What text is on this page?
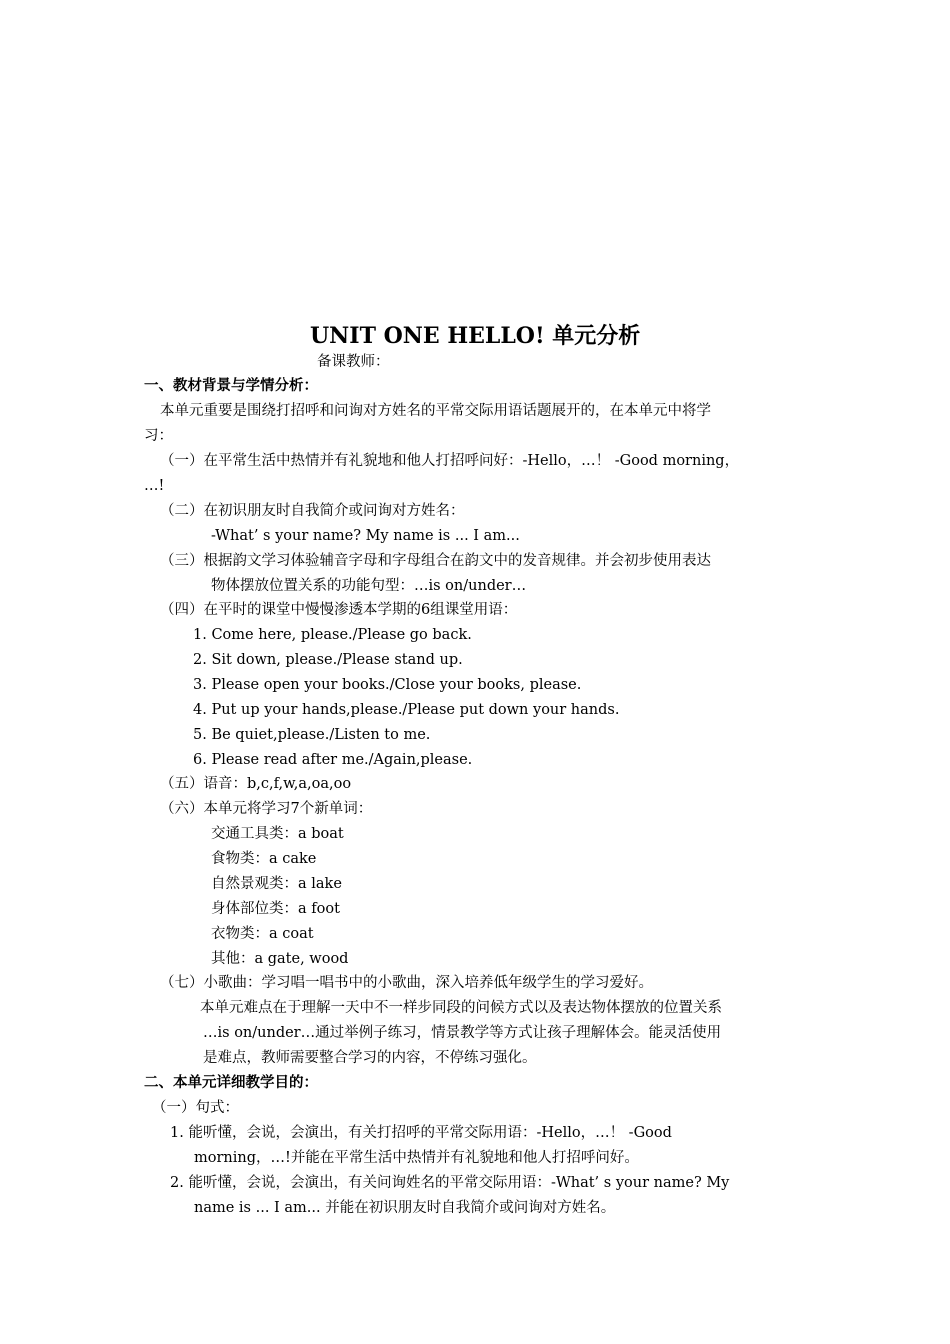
UNIT ONE HELLO! 单元分析
备课教师：
一、教材背景与学情分析：
本单元重要是围绕打招呼和问询对方姓名的平常交际用语话题展开的，在本单元中将学
习：
（一）在平常生活中热情并有礼貌地和他人打招呼问好：-Hello，…！ -Good morning，
…!
（二）在初识朋友时自我简介或问询对方姓名：
-What’ s your name? My name is ... I am...
（三）根据韵文学习体验辅音字母和字母组合在韵文中的发音规律。并会初步使用表达
物体摆放位置关系的功能句型：…is on/under…
（四）在平时的课堂中慢慢渗透本学期的6组课堂用语：
1. Come here, please./Please go back.
2. Sit down, please./Please stand up.
3. Please open your books./Close your books, please.
4. Put up your hands,please./Please put down your hands.
5. Be quiet,please./Listen to me.
6. Please read after me./Again,please.
（五）语音：b,c,f,w,a,oa,oo
（六）本单元将学习7个新单词：
交通工具类：a boat
食物类：a cake
自然景观类：a lake
身体部位类：a foot
衣物类：a coat
其他：a gate, wood
（七）小歌曲：学习唱一唱书中的小歌曲，深入培养低年级学生的学习爱好。
本单元难点在于理解一天中不一样步同段的问候方式以及表达物体摆放的位置关系
…is on/under…通过举例子练习，情景教学等方式让孩子理解体会。能灵活使用
是难点，教师需要整合学习的内容，不停练习强化。
二、本单元详细教学目的：
（一）句式：
1. 能听懂，会说，会演出，有关打招呼的平常交际用语：-Hello，…！ -Good
morning，…!并能在平常生活中热情并有礼貌地和他人打招呼问好。
2. 能听懂，会说，会演出，有关问询姓名的平常交际用语：-What’ s your name? My
name is ... I am... 并能在初识朋友时自我简介或问询对方姓名。
